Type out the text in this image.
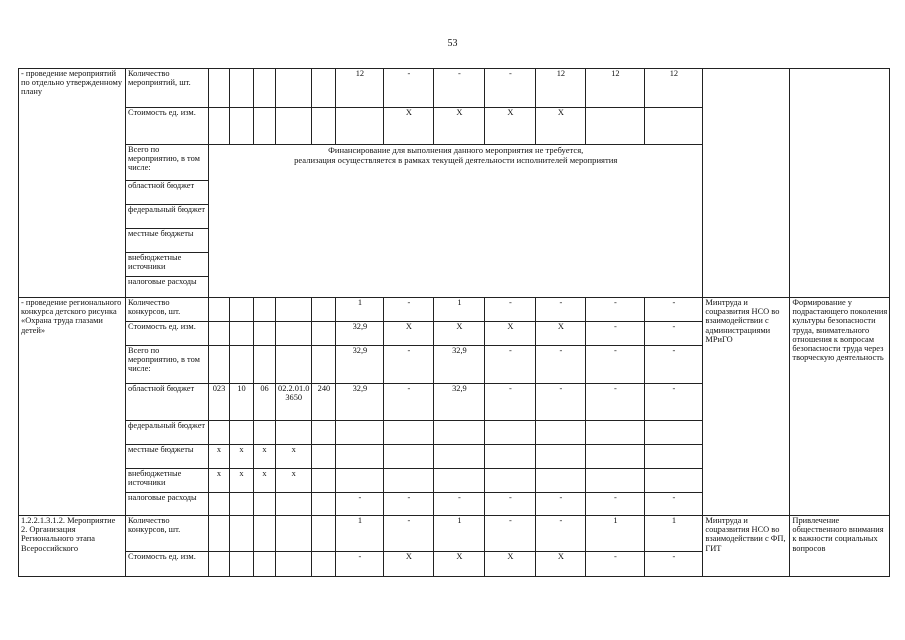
53
- проведение мероприятий по отдельно утвержденному плану	Количество мероприятий, шт.						12	-	-	-	12	12	12		
	Стоимость ед. изм.							Х	Х	Х	Х				
	Всего по мероприятию, в том числе:	Финансирование для выполнения данного мероприятия не требуется,
реализация осуществляется в рамках текущей деятельности исполнителей мероприятия													

	областной бюджет														
	федеральный бюджет														
	местные бюджеты														
	внебюджетные источники														
	налоговые расходы														
- проведение регионального конкурса детского рисунка «Охрана труда глазами детей»	Количество конкурсов, шт.						1	-	1	-	-	-	-	Минтруда и соцразвития НСО во взаимодействии с администрациями МРиГО	Формирование у подрастающего поколения культуры безопасности труда, внимательного отношения к вопросам безопасности труда через творческую деятельность
	Стоимость ед. изм.						32,9	Х	Х	Х	Х	-	-		
	Всего по мероприятию, в том числе:						32,9	-	32,9	-	-	-	-		
	областной бюджет	023	10	06	02.2.01.0 3650	240	32,9	-	32,9	-	-	-	-		
	федеральный бюджет														
	местные бюджеты	х	х	х	х										
	внебюджетные источники	х	х	х	х										
	налоговые расходы						-	-	-	-	-	-	-		
1.2.2.1.3.1.2. Мероприятие 2. Организация Регионального этапа Всероссийского	Количество конкурсов, шт.						1	-	1	-	-	1	1	Минтруда и соцразвития НСО во взаимодействии с ФП, ГИТ	Привлечение общественного внимания к важности социальных вопросов
	Стоимость ед. изм.						-	Х	Х	Х	Х	-	-		
